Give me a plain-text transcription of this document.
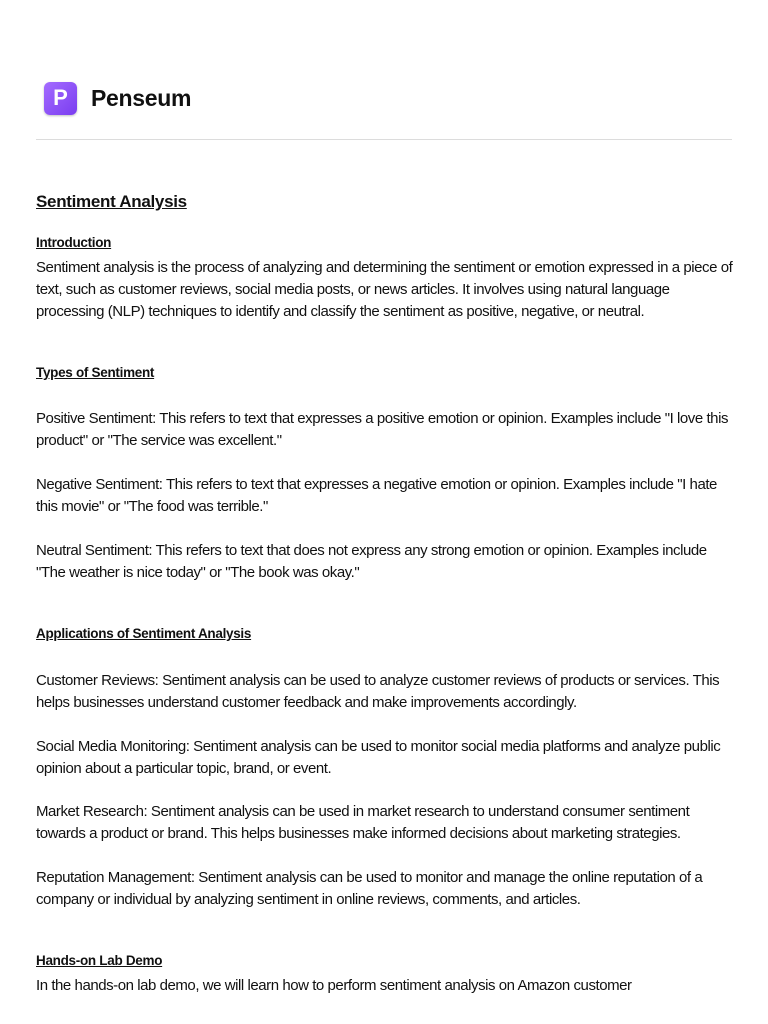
P Penseum
Sentiment Analysis
Introduction
Sentiment analysis is the process of analyzing and determining the sentiment or emotion expressed in a piece of text, such as customer reviews, social media posts, or news articles. It involves using natural language processing (NLP) techniques to identify and classify the sentiment as positive, negative, or neutral.
Types of Sentiment
Positive Sentiment: This refers to text that expresses a positive emotion or opinion. Examples include "I love this product" or "The service was excellent."
Negative Sentiment: This refers to text that expresses a negative emotion or opinion. Examples include "I hate this movie" or "The food was terrible."
Neutral Sentiment: This refers to text that does not express any strong emotion or opinion. Examples include "The weather is nice today" or "The book was okay."
Applications of Sentiment Analysis
Customer Reviews: Sentiment analysis can be used to analyze customer reviews of products or services. This helps businesses understand customer feedback and make improvements accordingly.
Social Media Monitoring: Sentiment analysis can be used to monitor social media platforms and analyze public opinion about a particular topic, brand, or event.
Market Research: Sentiment analysis can be used in market research to understand consumer sentiment towards a product or brand. This helps businesses make informed decisions about marketing strategies.
Reputation Management: Sentiment analysis can be used to monitor and manage the online reputation of a company or individual by analyzing sentiment in online reviews, comments, and articles.
Hands-on Lab Demo
In the hands-on lab demo, we will learn how to perform sentiment analysis on Amazon customer
